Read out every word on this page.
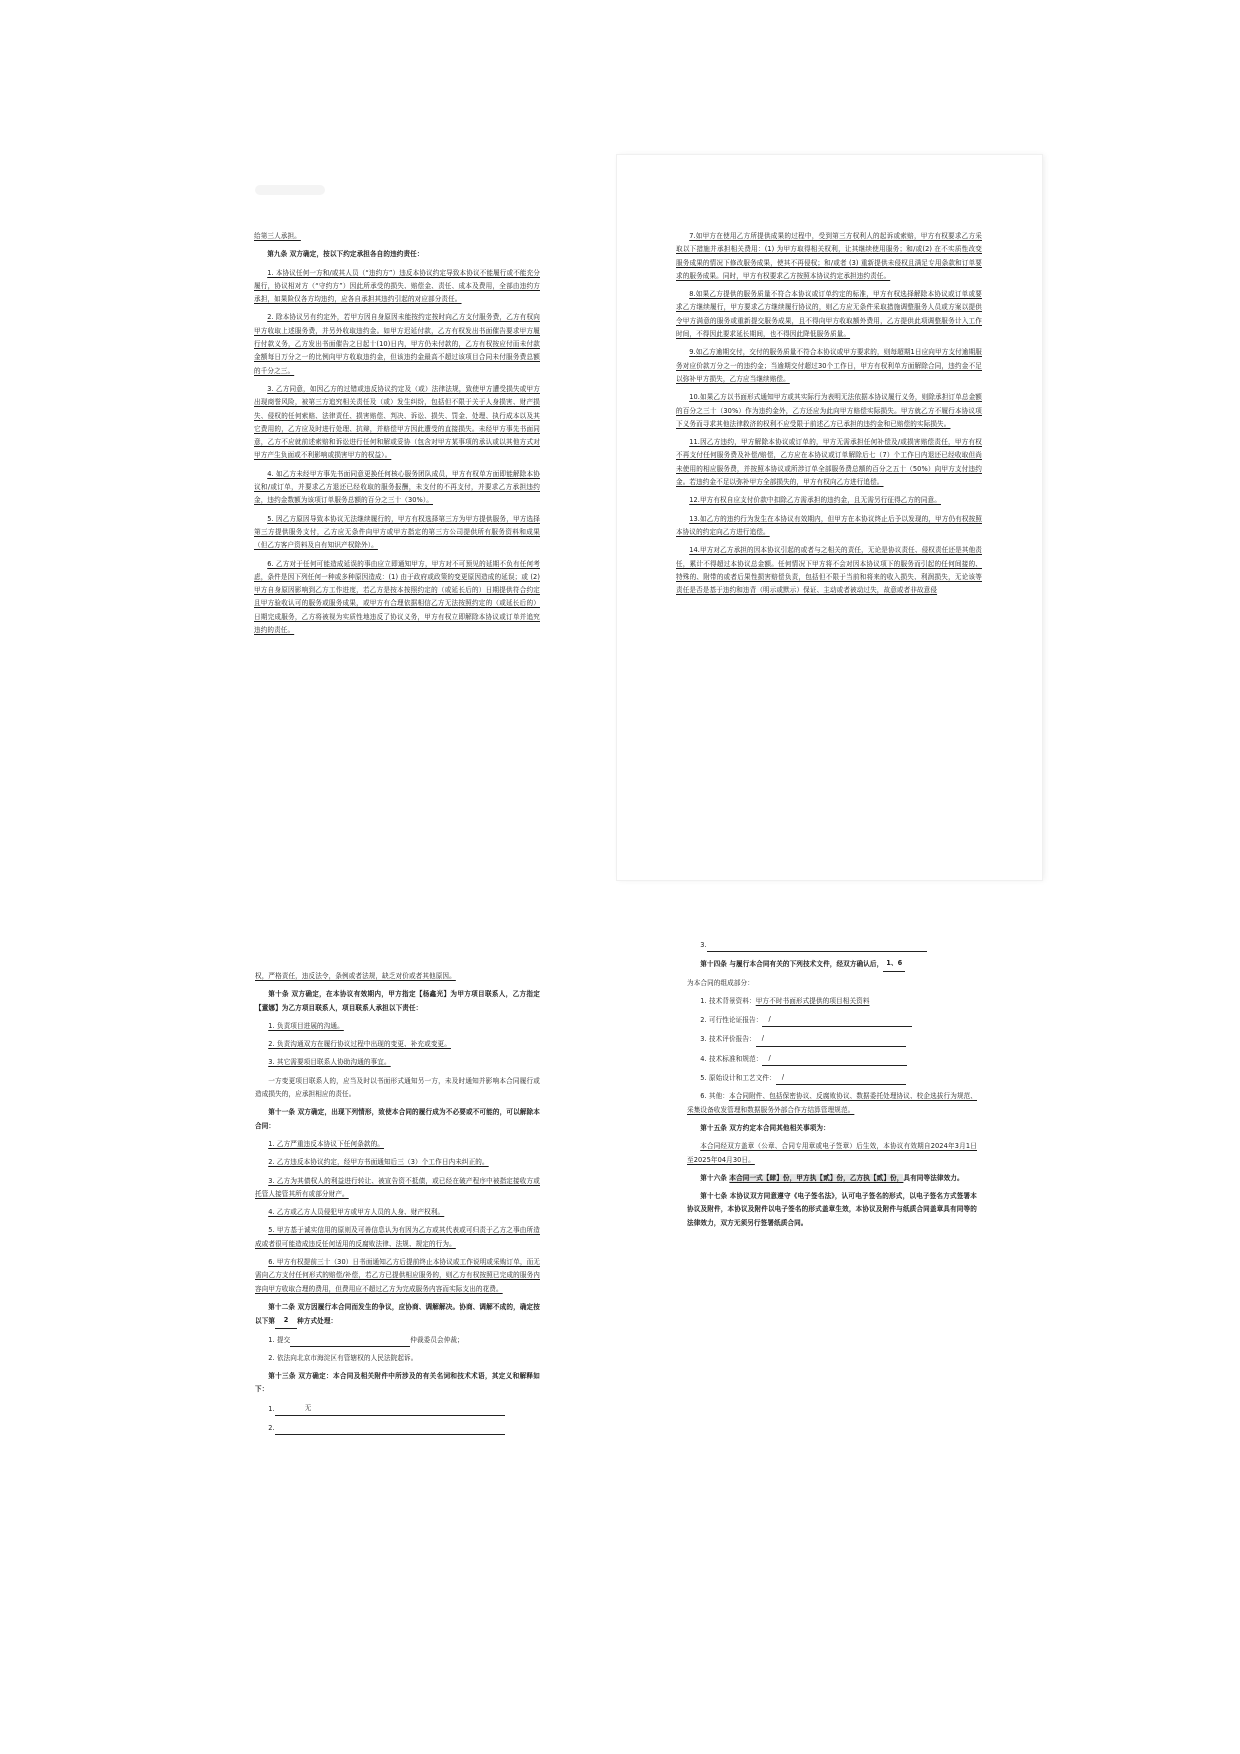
给第三人承担。

第九条 双方确定，按以下约定承担各自的违约责任：

1. 本协议任何一方和/或其人员（“违约方”）违反本协议约定导致本协议不能履行或不能充分履行，协议相对方（“守约方”）因此所承受的损失、赔偿金、责任、成本及费用，全部由违约方承担，如果险仅各方均违约，应各自承担其违约引起的对应部分责任。

2. 除本协议另有约定外，若甲方因自身原因未能按约定按时向乙方支付服务费，乙方有权向甲方收取上述服务费，并另外收取违约金。如甲方迟延付款，乙方有权发出书面催告要求甲方履行付款义务，乙方发出书面催告之日起十(10)日内，甲方仍未付款的，乙方有权按应付而未付款金额每日万分之一的比例向甲方收取违约金，但该违约金最高不超过该项目合同未付服务费总额的千分之三。

3. 乙方同意，如因乙方的过错或违反协议约定及（或）法律法规，致使甲方遭受损失或甲方出现商誉风险，被第三方追究相关责任及（或）发生纠纷，包括但不限于关于人身损害、财产损失、侵权的任何索赔、法律责任、损害赔偿、判决、诉讼、损失、罚金、处理、执行成本以及其它费用的，乙方应及时进行处理、抗辩，并赔偿甲方因此遭受的直接损失。未经甲方事先书面同意，乙方不应就前述索赔和诉讼进行任何和解或妥协（包含对甲方某事项的承认或以其他方式对甲方产生负面或不利影响或损害甲方的权益）。

4. 如乙方未经甲方事先书面同意更换任何核心服务团队成员，甲方有权单方面即能解除本协议和/或订单，并要求乙方退还已经收取的服务报酬，未支付的不再支付，并要求乙方承担违约金，违约金数额为该项订单服务总额的百分之三十（30%）。

5. 因乙方原因导致本协议无法继续履行的，甲方有权选择第三方为甲方提供服务，甲方选择第三方提供服务支付，乙方应无条件向甲方或甲方指定的第三方公司提供所有服务资料和成果（但乙方客户资料及自有知识产权除外）。

6. 乙方对于任何可能造成延误的事由应立即通知甲方，甲方对不可预见的延期不负有任何考虑，条件是因下列任何一种或多种原因造成：(1) 由于政府或政策的变更原因造成的延误；或 (2) 甲方自身原因影响到乙方工作进度，若乙方是按本按照约定的（或延长后的）日期提供符合约定且甲方验收认可的服务或服务成果，或甲方有合理依据相信乙方无法按照约定的（或延长后的）日期完成服务，乙方将被视为实质性地违反了协议义务，甲方有权立即解除本协议或订单并追究违约的责任。

7.如甲方在使用乙方所提供成果的过程中，受到第三方权利人的起诉或索赔，甲方有权要求乙方采取以下措施并承担相关费用：(1) 为甲方取得相关权利，让其继续使用服务；和/或(2) 在不实质性改变服务成果的情况下修改服务成果，使其不再侵权；和/或者 (3) 重新提供未侵权且满足专用条款和订单要求的服务成果。同时，甲方有权要求乙方按照本协议约定承担违约责任。

8.如果乙方提供的服务质量不符合本协议或订单约定的标准，甲方有权选择解除本协议或订单或要求乙方继续履行，甲方要求乙方继续履行协议的，则乙方应无条件采取措施调整服务人员或方案以提供令甲方满意的服务或重新提交服务成果，且不得向甲方收取额外费用，乙方提供此项调整服务计入工作时间，不得因此要求延长期间，也不得因此降低服务质量。

9.如乙方逾期交付，交付的服务质量不符合本协议或甲方要求的，则每超期1日应向甲方支付逾期服务对应价款万分之一的违约金；当逾期交付超过30个工作日，甲方有权利单方面解除合同，违约金不足以弥补甲方损失，乙方应当继续赔偿。

10.如果乙方以书面形式通知甲方或其实际行为表明无法依据本协议履行义务，则除承担订单总金额的百分之三十（30%）作为违约金外，乙方还应为此向甲方赔偿实际损失。甲方就乙方不履行本协议项下义务而寻求其他法律救济的权利不应受限于前述乙方已承担的违约金和已赔偿的实际损失。

11.因乙方违约，甲方解除本协议或订单的，甲方无需承担任何补偿及/或损害赔偿责任，甲方有权不再支付任何服务费及补偿/赔偿，乙方应在本协议或订单解除后七（7）个工作日内退还已经收取但尚未使用的相应服务费，并按照本协议或所涉订单全部服务费总额的百分之五十（50%）向甲方支付违约金。若违约金不足以弥补甲方全部损失的，甲方有权向乙方进行追偿。

12.甲方有权自应支付价款中扣除乙方需承担的违约金，且无需另行征得乙方的同意。

13.如乙方的违约行为发生在本协议有效期内，但甲方在本协议终止后予以发现的，甲方仍有权按照本协议的约定向乙方进行追偿。

14.甲方对乙方承担的因本协议引起的或者与之相关的责任，无论是协议责任、侵权责任还是其他责任，累计不得超过本协议总金额。任何情况下甲方将不会对因本协议项下的服务而引起的任何间接的、特殊的、附带的或者后果性损害赔偿负责，包括但不限于当前和将来的收入损失、利润损失，无论该等责任是否是基于违约和违背（明示或默示）保证、主动或者被动过失，故意或者非故意侵

权，严格责任，违反法令，条例或者法规，缺乏对价或者其他原因。

第十条 双方确定，在本协议有效期内，甲方指定【杨鑫光】为甲方项目联系人，乙方指定【董娜】为乙方项目联系人，项目联系人承担以下责任：

1. 负责项目进展的沟通。

2. 负责沟通双方在履行协议过程中出现的变更、补充或变更。

3. 其它需要项目联系人协助沟通的事宜。

一方变更项目联系人的，应当及时以书面形式通知另一方，未及时通知并影响本合同履行或造成损失的，应承担相应的责任。

第十一条 双方确定，出现下列情形，致使本合同的履行成为不必要或不可能的，可以解除本合同：

1. 乙方严重违反本协议下任何条款的。

2. 乙方违反本协议约定，经甲方书面通知后三（3）个工作日内未纠正的。

3. 乙方为其债权人的利益进行转让、被宣告资不抵债，或已经在破产程序中被指定接收方或托管人接管其所有或部分财产。

4. 乙方或乙方人员侵犯甲方或甲方人员的人身、财产权利。

5. 甲方基于诚实信用的原则及可善信息认为有因为乙方或其代表或可归责于乙方之事由所造成或者很可能造成违反任何适用的反腐败法律、法规、规定的行为。

6. 甲方有权提前三十（30）日书面通知乙方后提前终止本协议或工作说明或采购订单，而无需向乙方支付任何形式的赔偿/补偿，若乙方已提供相应服务的，则乙方有权按照已完成的服务内容向甲方收取合理的费用，但费用应不超过乙方为完成服务内容而实际支出的花费。

第十二条 双方因履行本合同而发生的争议，应协商、调解解决。协商、调解不成的，确定按以下第 2 种方式处理：

1. 提交	仲裁委员会仲裁；

2. 依法向北京市海淀区有管辖权的人民法院起诉。

第十三条 双方确定：本合同及相关附件中所涉及的有关名词和技术术语，其定义和解释如下：

1.	无

2.

3.

第十四条 与履行本合同有关的下列技术文件，经双方确认后， 1、6

为本合同的组成部分：

1. 技术背景资料：甲方不时书面形式提供的项目相关资料

2. 可行性论证报告： /

3. 技术评价报告： /

4. 技术标准和规范： /

5. 原始设计和工艺文件： /

6. 其他：本合同附件、包括保密协议、反腐败协议、数据委托处理协议、校企选拔行为规范、采集设备收发管理和数据服务外部合作方结算管理规范。

第十五条 双方约定本合同其他相关事项为：

本合同经双方盖章（公章、合同专用章或电子签章）后生效，本协议有效期自2024年3月1日至2025年04月30日。

第十六条 本合同一式【肆】份，甲方执【贰】份，乙方执【贰】份，具有同等法律效力。

第十七条 本协议双方同意遵守《电子签名法》，认可电子签名的形式，以电子签名方式签署本协议及附件，本协议及附件以电子签名的形式盖章生效，本协议及附件与纸质合同盖章具有同等的法律效力，双方无须另行签署纸质合同。
